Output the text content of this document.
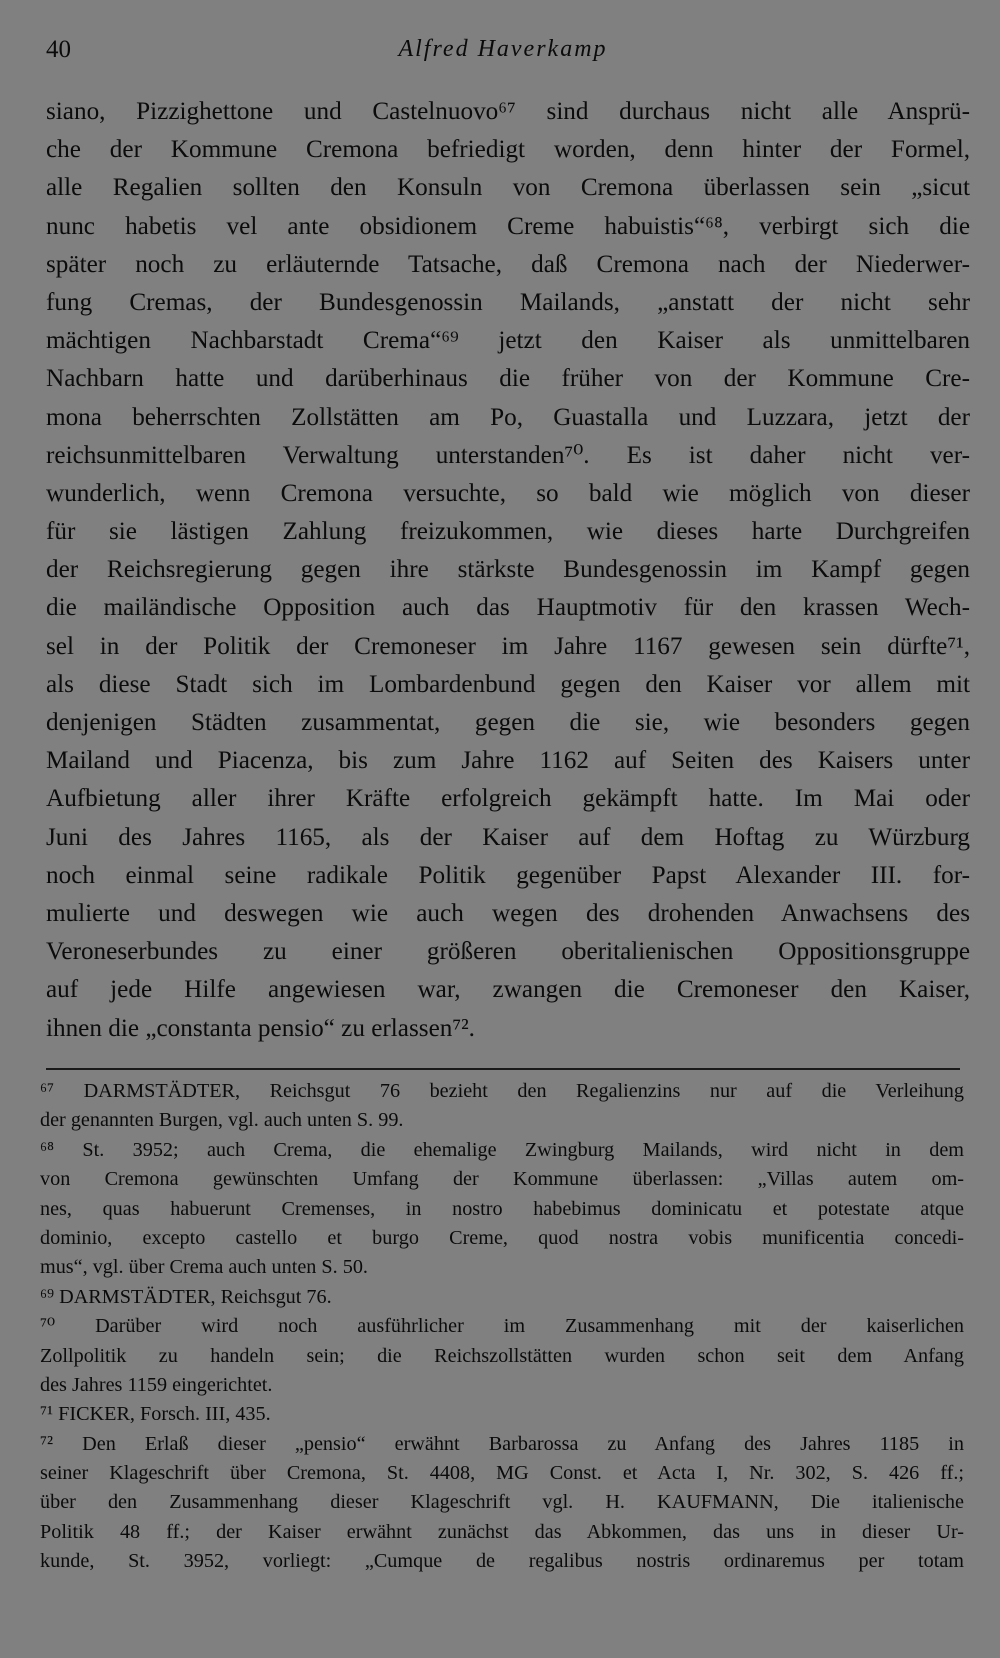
40	Alfred Haverkamp
siano, Pizzighettone und Castelnuovo⁶⁷ sind durchaus nicht alle Ansprü-
che der Kommune Cremona befriedigt worden, denn hinter der Formel,
alle Regalien sollten den Konsuln von Cremona überlassen sein „sicut
nunc habetis vel ante obsidionem Creme habuistis“⁶⁸, verbirgt sich die
später noch zu erläuternde Tatsache, daß Cremona nach der Niederwer-
fung Cremas, der Bundesgenossin Mailands, „anstatt der nicht sehr
mächtigen Nachbarstadt Crema“⁶⁹ jetzt den Kaiser als unmittelbaren
Nachbarn hatte und darüberhinaus die früher von der Kommune Cre-
mona beherrschten Zollstätten am Po, Guastalla und Luzzara, jetzt der
reichsunmittelbaren Verwaltung unterstanden⁷⁰. Es ist daher nicht ver-
wunderlich, wenn Cremona versuchte, so bald wie möglich von dieser
für sie lästigen Zahlung freizukommen, wie dieses harte Durchgreifen
der Reichsregierung gegen ihre stärkste Bundesgenossin im Kampf gegen
die mailändische Opposition auch das Hauptmotiv für den krassen Wech-
sel in der Politik der Cremoneser im Jahre 1167 gewesen sein dürfte⁷¹,
als diese Stadt sich im Lombardenbund gegen den Kaiser vor allem mit
denjenigen Städten zusammentat, gegen die sie, wie besonders gegen
Mailand und Piacenza, bis zum Jahre 1162 auf Seiten des Kaisers unter
Aufbietung aller ihrer Kräfte erfolgreich gekämpft hatte. Im Mai oder
Juni des Jahres 1165, als der Kaiser auf dem Hoftag zu Würzburg
noch einmal seine radikale Politik gegenüber Papst Alexander III. for-
mulierte und deswegen wie auch wegen des drohenden Anwachsens des
Veroneserbundes zu einer größeren oberitalienischen Oppositionsgruppe
auf jede Hilfe angewiesen war, zwangen die Cremoneser den Kaiser,
ihnen die „constanta pensio“ zu erlassen⁷².
⁶⁷ DARMSTÄDTER, Reichsgut 76 bezieht den Regalienzins nur auf die Verleihung
der genannten Burgen, vgl. auch unten S. 99.
⁶⁸ St. 3952; auch Crema, die ehemalige Zwingburg Mailands, wird nicht in dem
von Cremona gewünschten Umfang der Kommune überlassen: „Villas autem om-
nes, quas habuerunt Cremenses, in nostro habebimus dominicatu et potestate atque
dominio, excepto castello et burgo Creme, quod nostra vobis munificentia concedi-
mus“, vgl. über Crema auch unten S. 50.
⁶⁹ DARMSTÄDTER, Reichsgut 76.
⁷⁰ Darüber wird noch ausführlicher im Zusammenhang mit der kaiserlichen
Zollpolitik zu handeln sein; die Reichszollstätten wurden schon seit dem Anfang
des Jahres 1159 eingerichtet.
⁷¹ FICKER, Forsch. III, 435.
⁷² Den Erlaß dieser „pensio“ erwähnt Barbarossa zu Anfang des Jahres 1185 in
seiner Klageschrift über Cremona, St. 4408, MG Const. et Acta I, Nr. 302, S. 426 ff.;
über den Zusammenhang dieser Klageschrift vgl. H. KAUFMANN, Die italienische
Politik 48 ff.; der Kaiser erwähnt zunächst das Abkommen, das uns in dieser Ur-
kunde, St. 3952, vorliegt: „Cumque de regalibus nostris ordinaremus per totam
